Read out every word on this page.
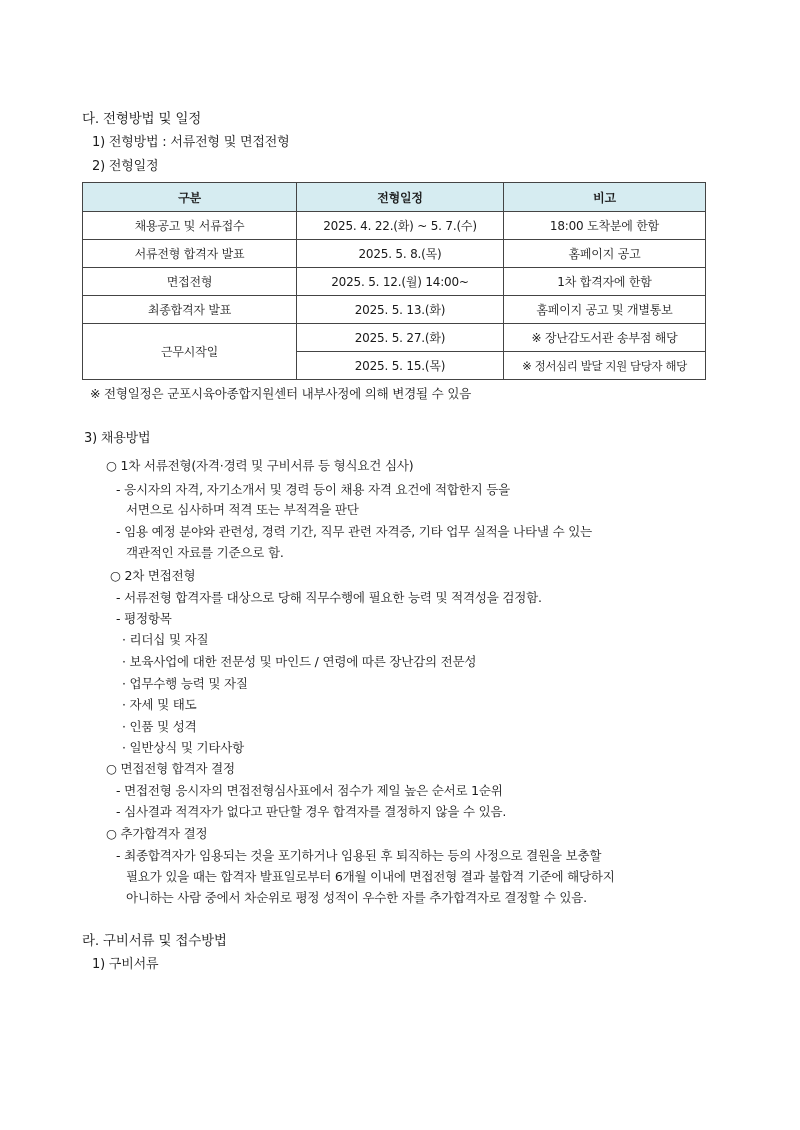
다. 전형방법 및 일정
1) 전형방법 : 서류전형 및 면접전형
2) 전형일정
구분	전형일정	비고
채용공고 및 서류접수	2025. 4. 22.(화) ~ 5. 7.(수)	18:00 도착분에 한함
서류전형 합격자 발표	2025. 5. 8.(목)	홈페이지 공고
면접전형	2025. 5. 12.(월) 14:00~	1차 합격자에 한함
최종합격자 발표	2025. 5. 13.(화)	홈페이지 공고 및 개별통보
근무시작일	2025. 5. 27.(화)	※ 장난감도서관 송부점 해당
	2025. 5. 15.(목)	※ 정서심리 발달 지원 담당자 해당
※ 전형일정은 군포시육아종합지원센터 내부사정에 의해 변경될 수 있음
3) 채용방법
○ 1차 서류전형(자격·경력 및 구비서류 등 형식요건 심사)
- 응시자의 자격, 자기소개서 및 경력 등이 채용 자격 요건에 적합한지 등을
서면으로 심사하며 적격 또는 부적격을 판단
- 임용 예정 분야와 관련성, 경력 기간, 직무 관련 자격증, 기타 업무 실적을 나타낼 수 있는
객관적인 자료를 기준으로 함.
○ 2차 면접전형
- 서류전형 합격자를 대상으로 당해 직무수행에 필요한 능력 및 적격성을 검정함.
- 평정항목
· 리더십 및 자질
· 보육사업에 대한 전문성 및 마인드 / 연령에 따른 장난감의 전문성
· 업무수행 능력 및 자질
· 자세 및 태도
· 인품 및 성격
· 일반상식 및 기타사항
○ 면접전형 합격자 결정
- 면접전형 응시자의 면접전형심사표에서 점수가 제일 높은 순서로 1순위
- 심사결과 적격자가 없다고 판단할 경우 합격자를 결정하지 않을 수 있음.
○ 추가합격자 결정
- 최종합격자가 임용되는 것을 포기하거나 임용된 후 퇴직하는 등의 사정으로 결원을 보충할
필요가 있을 때는 합격자 발표일로부터 6개월 이내에 면접전형 결과 불합격 기준에 해당하지
아니하는 사람 중에서 차순위로 평정 성적이 우수한 자를 추가합격자로 결정할 수 있음.
라. 구비서류 및 접수방법
1) 구비서류
